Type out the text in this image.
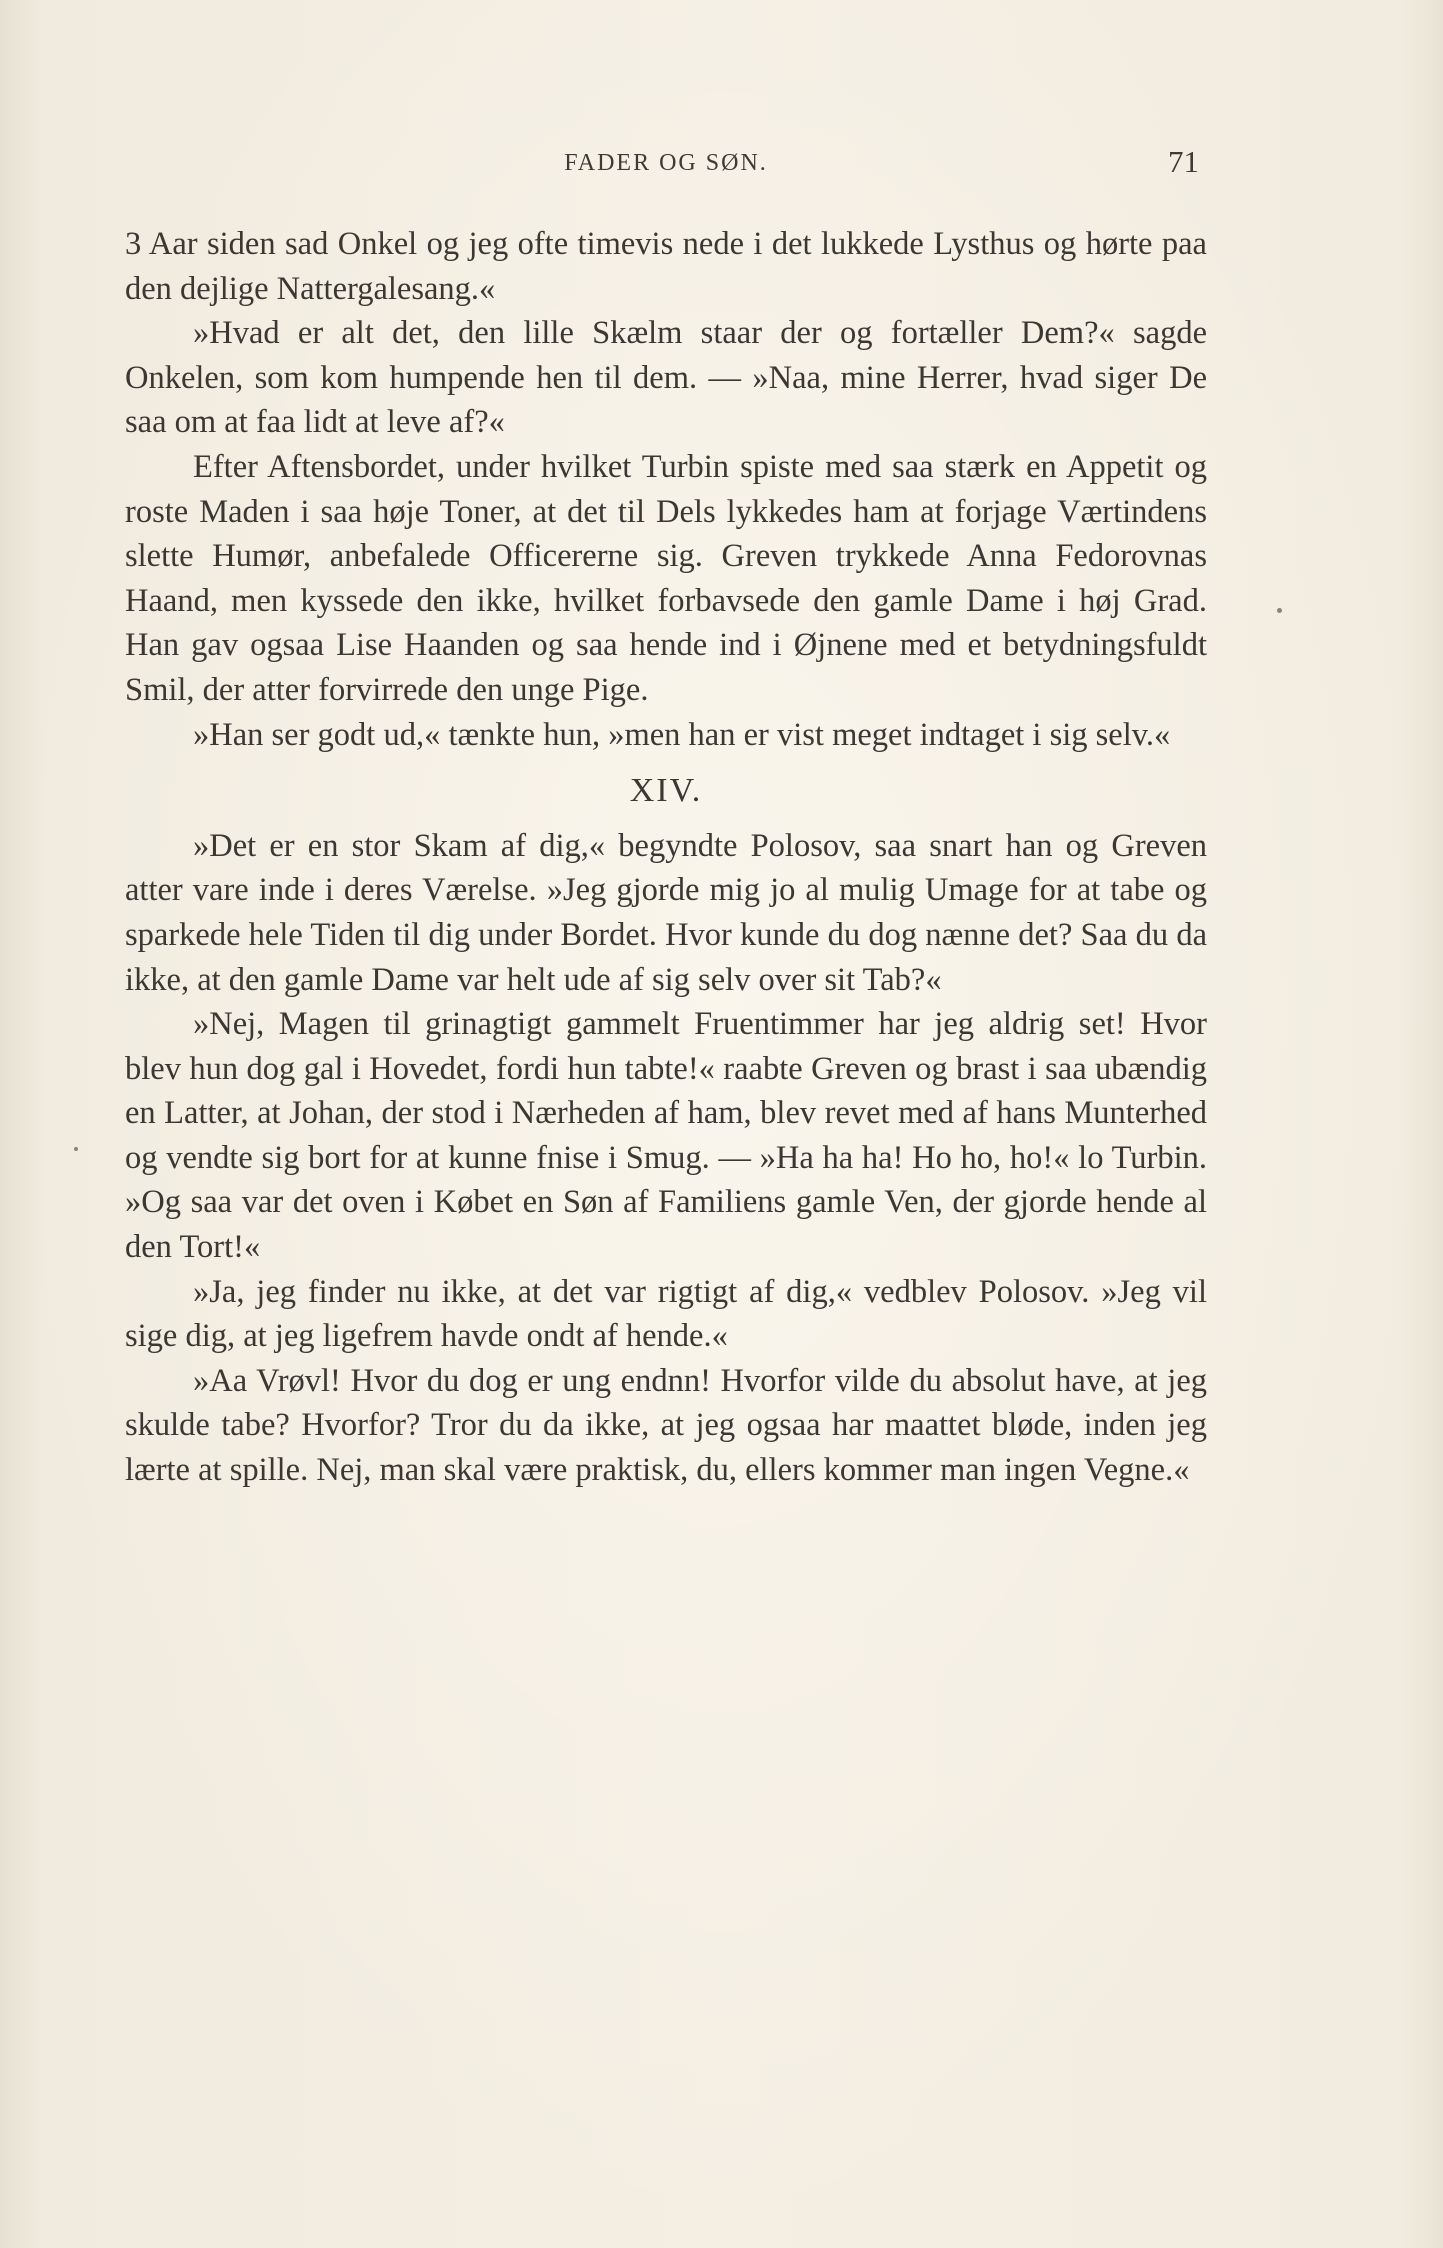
FADER OG SØN.	71

3 Aar siden sad Onkel og jeg ofte timevis nede i det lukkede Lysthus og hørte paa den dejlige Nattergalesang.«

»Hvad er alt det, den lille Skælm staar der og fortæller Dem?« sagde Onkelen, som kom humpende hen til dem. — »Naa, mine Herrer, hvad siger De saa om at faa lidt at leve af?«

Efter Aftensbordet, under hvilket Turbin spiste med saa stærk en Appetit og roste Maden i saa høje Toner, at det til Dels lykkedes ham at forjage Værtindens slette Humør, anbefalede Officererne sig. Greven trykkede Anna Fedorovnas Haand, men kyssede den ikke, hvilket forbavsede den gamle Dame i høj Grad. Han gav ogsaa Lise Haanden og saa hende ind i Øjnene med et betydningsfuldt Smil, der atter forvirrede den unge Pige.

»Han ser godt ud,« tænkte hun, »men han er vist meget indtaget i sig selv.«

XIV.

»Det er en stor Skam af dig,« begyndte Polosov, saa snart han og Greven atter vare inde i deres Værelse. »Jeg gjorde mig jo al mulig Umage for at tabe og sparkede hele Tiden til dig under Bordet. Hvor kunde du dog nænne det? Saa du da ikke, at den gamle Dame var helt ude af sig selv over sit Tab?«

»Nej, Magen til grinagtigt gammelt Fruentimmer har jeg aldrig set! Hvor blev hun dog gal i Hovedet, fordi hun tabte!« raabte Greven og brast i saa ubændig en Latter, at Johan, der stod i Nærheden af ham, blev revet med af hans Munterhed og vendte sig bort for at kunne fnise i Smug. — »Ha ha ha! Ho ho, ho!« lo Turbin. »Og saa var det oven i Købet en Søn af Familiens gamle Ven, der gjorde hende al den Tort!«

»Ja, jeg finder nu ikke, at det var rigtigt af dig,« vedblev Polosov. »Jeg vil sige dig, at jeg ligefrem havde ondt af hende.«

»Aa Vrøvl! Hvor du dog er ung endnn! Hvorfor vilde du absolut have, at jeg skulde tabe? Hvorfor? Tror du da ikke, at jeg ogsaa har maattet bløde, inden jeg lærte at spille. Nej, man skal være praktisk, du, ellers kommer man ingen Vegne.«
